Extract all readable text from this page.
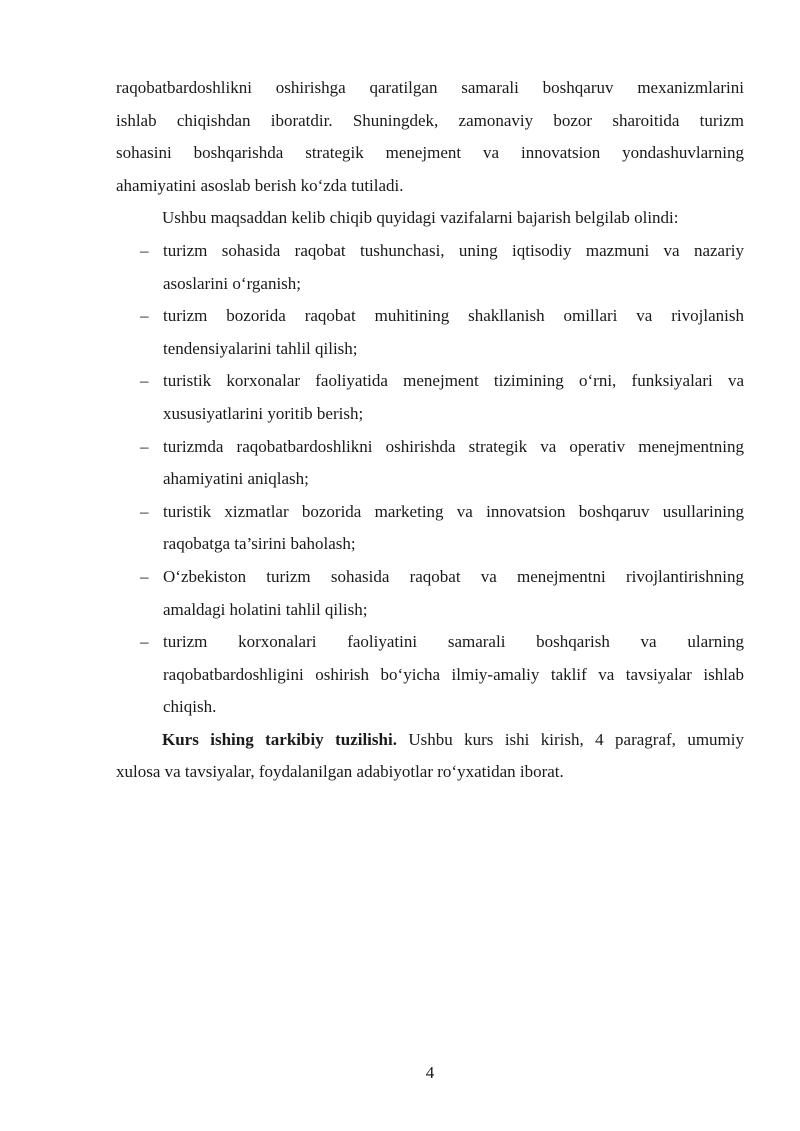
raqobatbardoshlikni oshirishga qaratilgan samarali boshqaruv mexanizmlarini
ishlab chiqishdan iboratdir. Shuningdek, zamonaviy bozor sharoitida turizm
sohasini boshqarishda strategik menejment va innovatsion yondashuvlarning
ahamiyatini asoslab berish ko‘zda tutiladi.
Ushbu maqsaddan kelib chiqib quyidagi vazifalarni bajarish belgilab olindi:
– turizm sohasida raqobat tushunchasi, uning iqtisodiy mazmuni va nazariy
asoslarini o‘rganish;
– turizm bozorida raqobat muhitining shakllanish omillari va rivojlanish
tendensiyalarini tahlil qilish;
– turistik korxonalar faoliyatida menejment tizimining o‘rni, funksiyalari va
xususiyatlarini yoritib berish;
– turizmda raqobatbardoshlikni oshirishda strategik va operativ menejmentning
ahamiyatini aniqlash;
– turistik xizmatlar bozorida marketing va innovatsion boshqaruv usullarining
raqobatga ta’sirini baholash;
– O‘zbekiston turizm sohasida raqobat va menejmentni rivojlantirishning
amaldagi holatini tahlil qilish;
– turizm korxonalari faoliyatini samarali boshqarish va ularning
raqobatbardoshligini oshirish bo‘yicha ilmiy-amaliy taklif va tavsiyalar ishlab
chiqish.
Kurs ishing tarkibiy tuzilishi. Ushbu kurs ishi kirish, 4 paragraf, umumiy
xulosa va tavsiyalar, foydalanilgan adabiyotlar ro‘yxatidan iborat.
4
